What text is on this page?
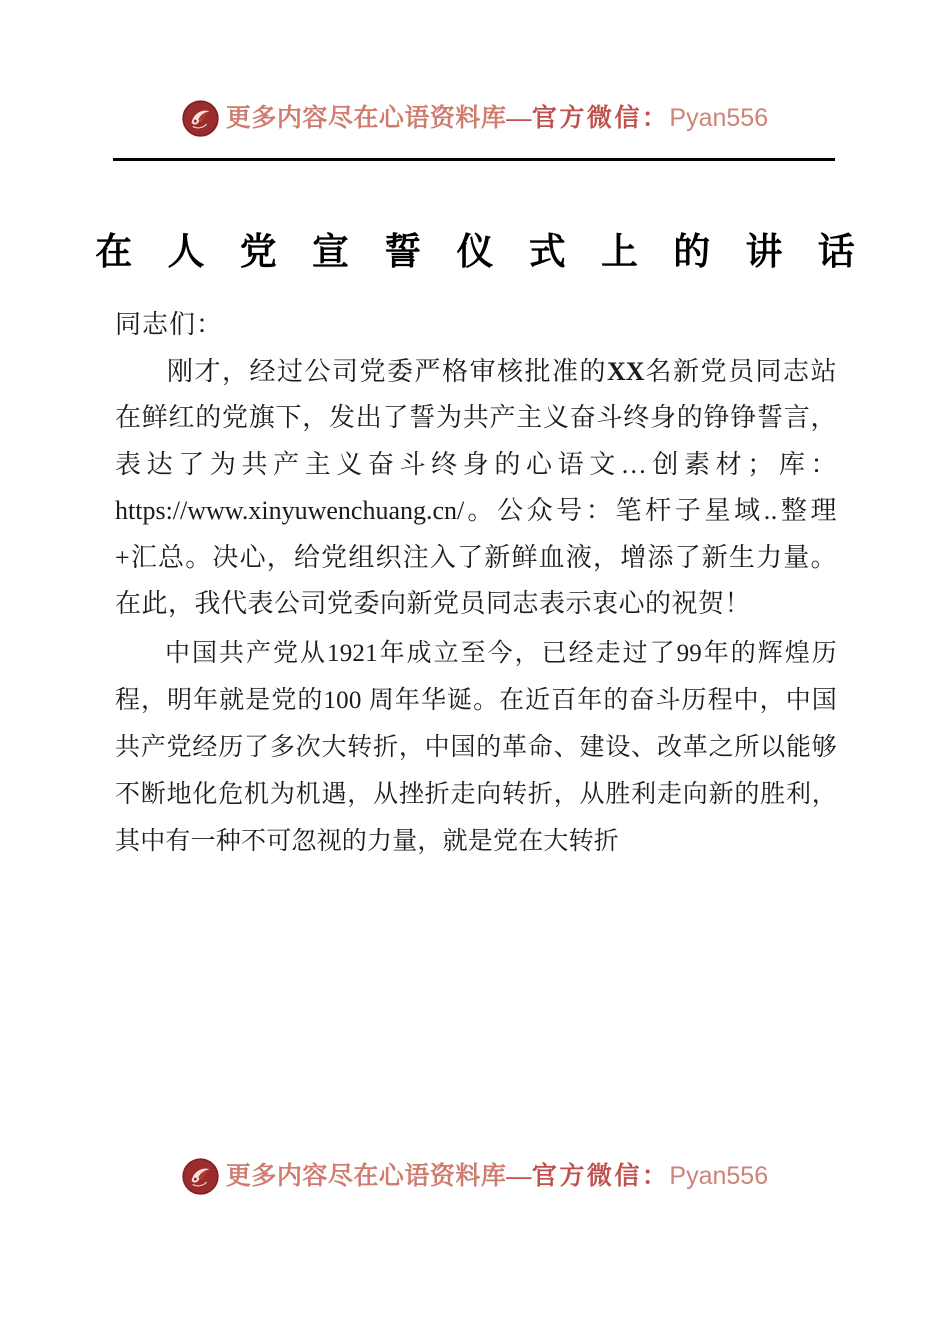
更多内容尽在心语资料库—官方微信：Pyan556
在 人 党 宣 誓 仪 式 上 的 讲 话

同志们：
刚才，经过公司党委严格审核批准的XX名新党员同志站在鲜红的党旗下，发出了誓为共产主义奋斗终身的铮铮誓言，表达了为共产主义奋斗终身的心语文…创素材；库：https://www.xinyuwenchuang.cn/。公众号：笔杆子星域..整理+汇总。决心，给党组织注入了新鲜血液，增添了新生力量。在此，我代表公司党委向新党员同志表示衷心的祝贺！

中国共产党从1921年成立至今，已经走过了99年的辉煌历程，明年就是党的100 周年华诞。在近百年的奋斗历程中，中国共产党经历了多次大转折，中国的革命、建设、改革之所以能够不断地化危机为机遇，从挫折走向转折，从胜利走向新的胜利，其中有一种不可忽视的力量，就是党在大转折

更多内容尽在心语资料库—官方微信：Pyan556
